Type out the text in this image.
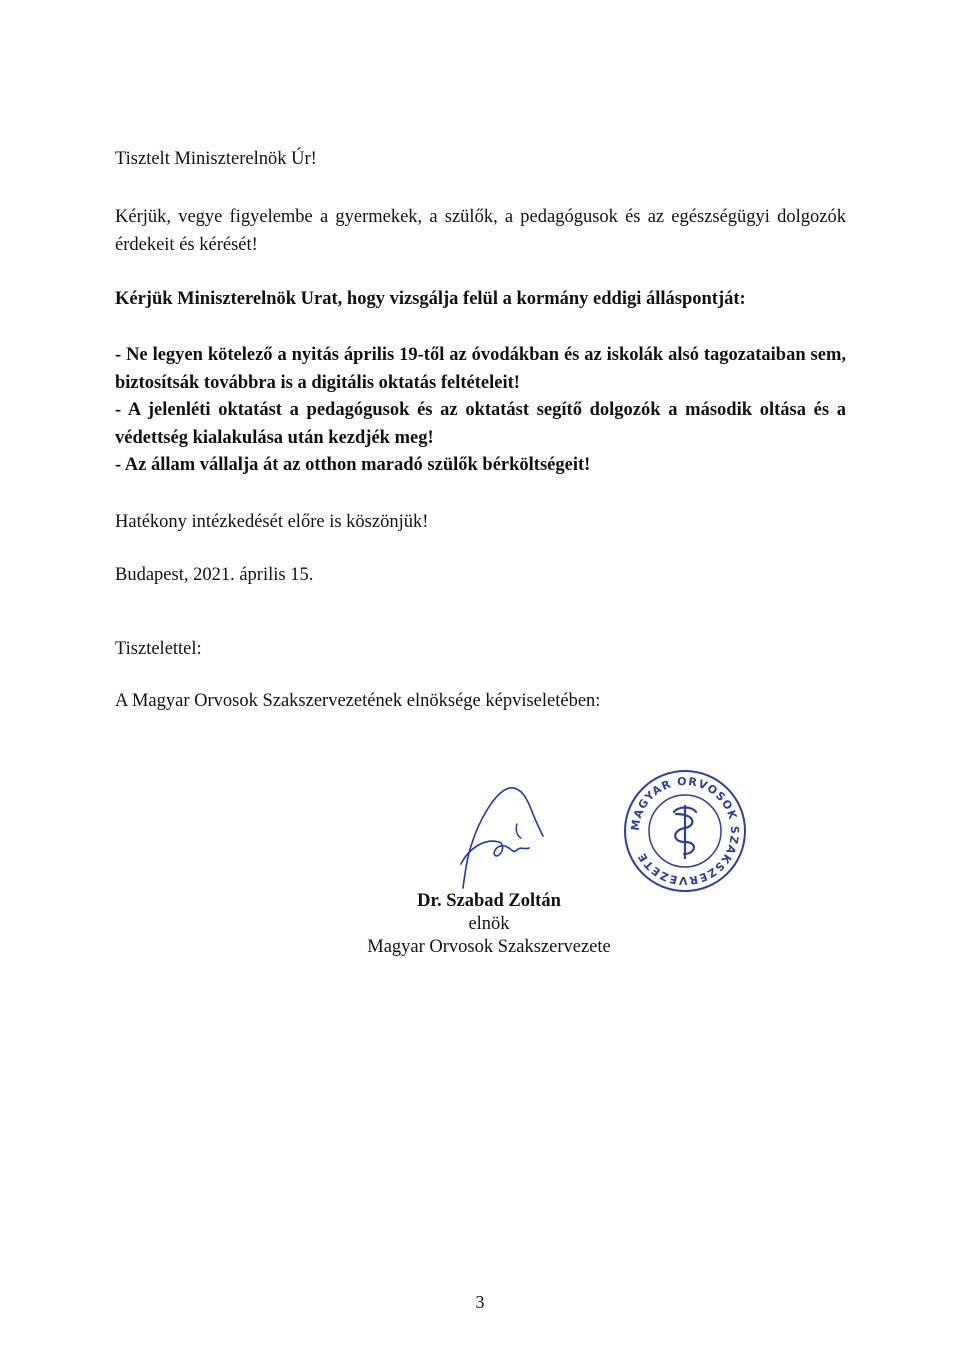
Tisztelt Miniszterelnök Úr!
Kérjük, vegye figyelembe a gyermekek, a szülők, a pedagógusok és az egészségügyi dolgozók érdekeit és kérését!
Kérjük Miniszterelnök Urat, hogy vizsgálja felül a kormány eddigi álláspontját:
- Ne legyen kötelező a nyitás április 19-től az óvodákban és az iskolák alsó tagozataiban sem, biztosítsák továbbra is a digitális oktatás feltételeit!
- A jelenléti oktatást a pedagógusok és az oktatást segítő dolgozók a második oltása és a védettség kialakulása után kezdjék meg!
- Az állam vállalja át az otthon maradó szülők bérköltségeit!
Hatékony intézkedését előre is köszönjük!
Budapest, 2021. április 15.
Tisztelettel:
A Magyar Orvosok Szakszervezetének elnöksége képviseletében:
MAGYAR ORVOSOK SZAKSZERVEZETE
Dr. Szabad Zoltán
elnök
Magyar Orvosok Szakszervezete
3
